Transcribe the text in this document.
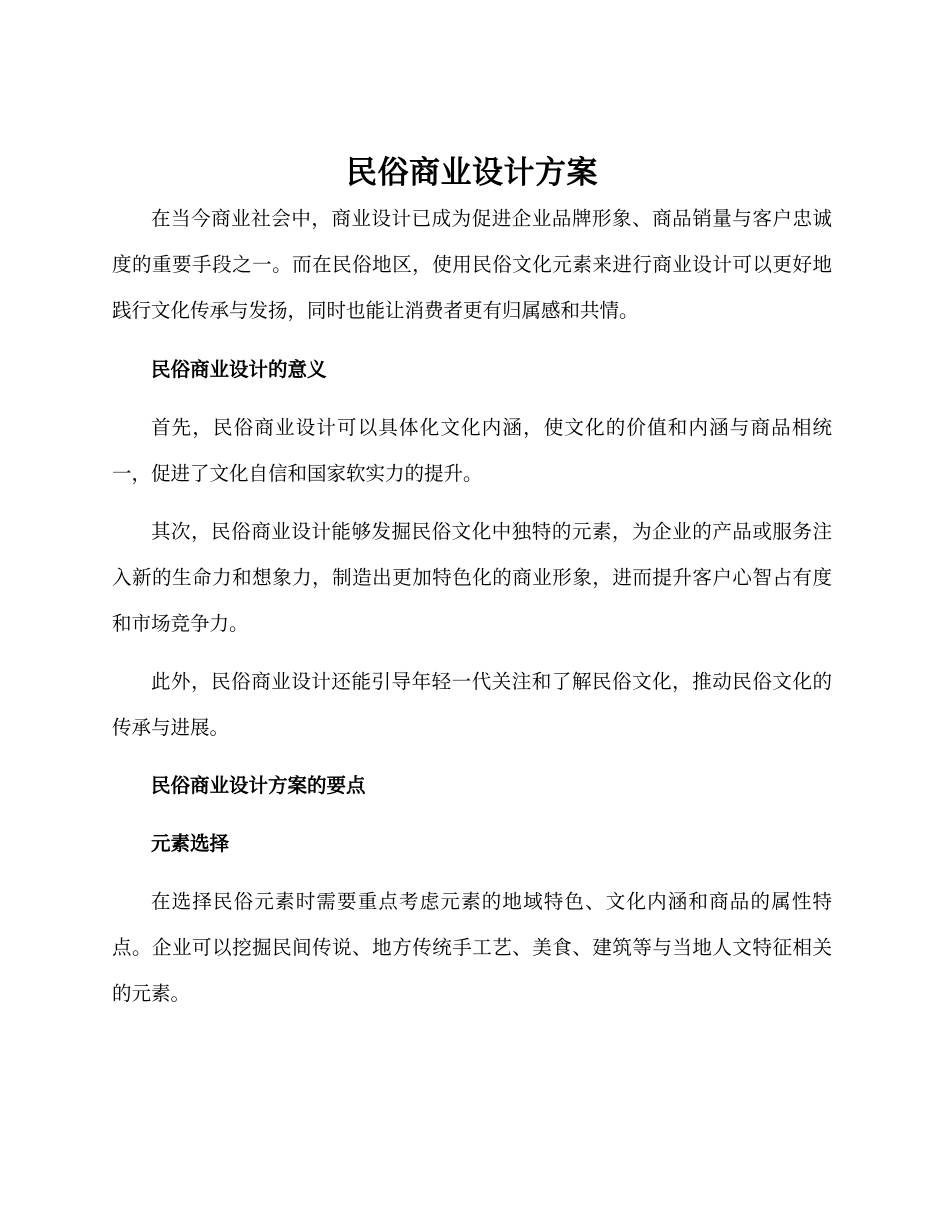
民俗商业设计方案

在当今商业社会中，商业设计已成为促进企业品牌形象、商品销量与客户忠诚度的重要手段之一。而在民俗地区，使用民俗文化元素来进行商业设计可以更好地践行文化传承与发扬，同时也能让消费者更有归属感和共情。

民俗商业设计的意义

首先，民俗商业设计可以具体化文化内涵，使文化的价值和内涵与商品相统一，促进了文化自信和国家软实力的提升。

其次，民俗商业设计能够发掘民俗文化中独特的元素，为企业的产品或服务注入新的生命力和想象力，制造出更加特色化的商业形象，进而提升客户心智占有度和市场竞争力。

此外，民俗商业设计还能引导年轻一代关注和了解民俗文化，推动民俗文化的传承与进展。

民俗商业设计方案的要点
元素选择

在选择民俗元素时需要重点考虑元素的地域特色、文化内涵和商品的属性特点。企业可以挖掘民间传说、地方传统手工艺、美食、建筑等与当地人文特征相关的元素。
